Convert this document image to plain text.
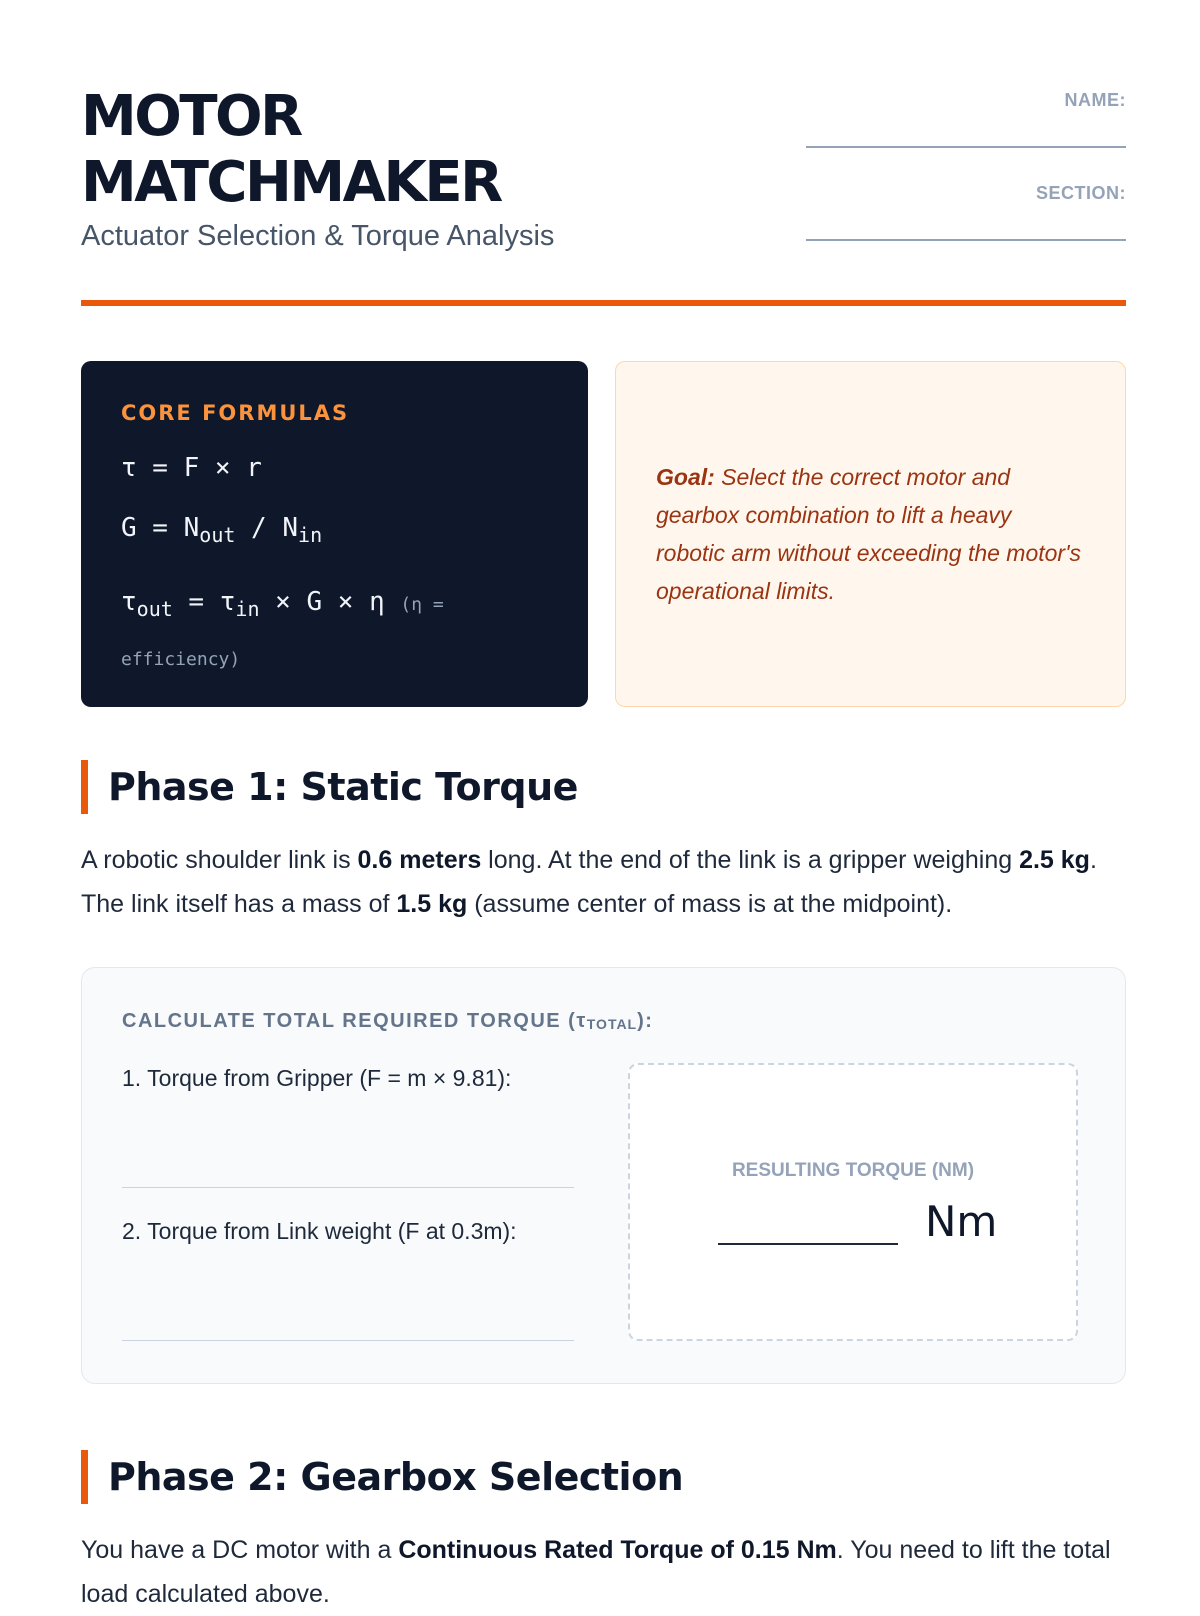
MOTOR
MATCHMAKER
Actuator Selection & Torque Analysis
NAME:
SECTION:
CORE FORMULAS
τ = F × r
$G = N_{out} / N_{in}$
$\tau_{out} = \tau_{in} \times G \times \eta$ (η = efficiency)
Goal: Select the correct motor and gearbox combination to lift a heavy robotic arm without exceeding the motor's operational limits.
Phase 1: Static Torque
A robotic shoulder link is 0.6 meters long. At the end of the link is a gripper weighing 2.5 kg. The link itself has a mass of 1.5 kg (assume center of mass is at the midpoint).
CALCULATE TOTAL REQUIRED TORQUE $(\tau_{TOTAL})$:
1. Torque from Gripper (F = m × 9.81):
2. Torque from Link weight (F at 0.3m):
RESULTING TORQUE (NM)
Nm
Phase 2: Gearbox Selection
You have a DC motor with a Continuous Rated Torque of 0.15 Nm. You need to lift the total load calculated above.
